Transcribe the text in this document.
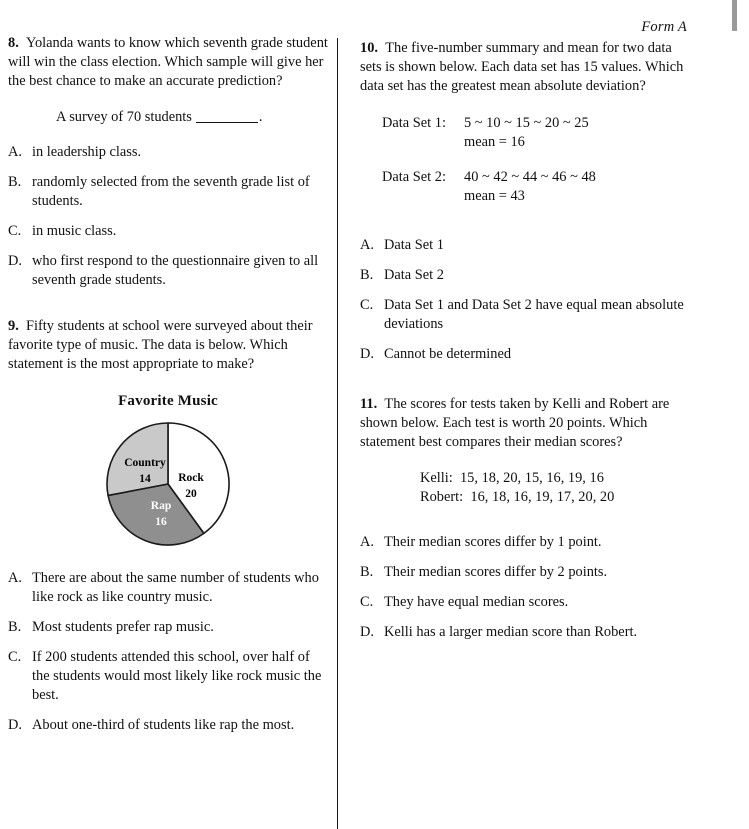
8. Yolanda wants to know which seventh grade student will win the class election. Which sample will give her the best chance to make an accurate prediction?

A survey of 70 students	.

A. in leadership class.
B. randomly selected from the seventh grade list of students.
C. in music class.
D. who first respond to the questionnaire given to all seventh grade students.

9. Fifty students at school were surveyed about their favorite type of music. The data is below. Which statement is the most appropriate to make?

Favorite Music
Rock
20
Rap
16
Country
14
A. There are about the same number of students who like rock as like country music.
B. Most students prefer rap music.
C. If 200 students attended this school, over half of the students would most likely like rock music the best.
D. About one-third of students like rap the most.
Form A

10. The five-number summary and mean for two data sets is shown below. Each data set has 15 values. Which data set has the greatest mean absolute deviation?

Data Set 1:	5 ~ 10 ~ 15 ~ 20 ~ 25
mean = 16
Data Set 2:	40 ~ 42 ~ 44 ~ 46 ~ 48
mean = 43
A. Data Set 1
B. Data Set 2
C. Data Set 1 and Data Set 2 have equal mean absolute deviations
D. Cannot be determined

11. The scores for tests taken by Kelli and Robert are shown below. Each test is worth 20 points. Which statement best compares their median scores?

Kelli : 15, 18, 20, 15, 16, 19, 16
Robert : 16, 18, 16, 19, 17, 20, 20
A. Their median scores differ by 1 point.
B. Their median scores differ by 2 points.
C. They have equal median scores.
D. Kelli has a larger median score than Robert.
